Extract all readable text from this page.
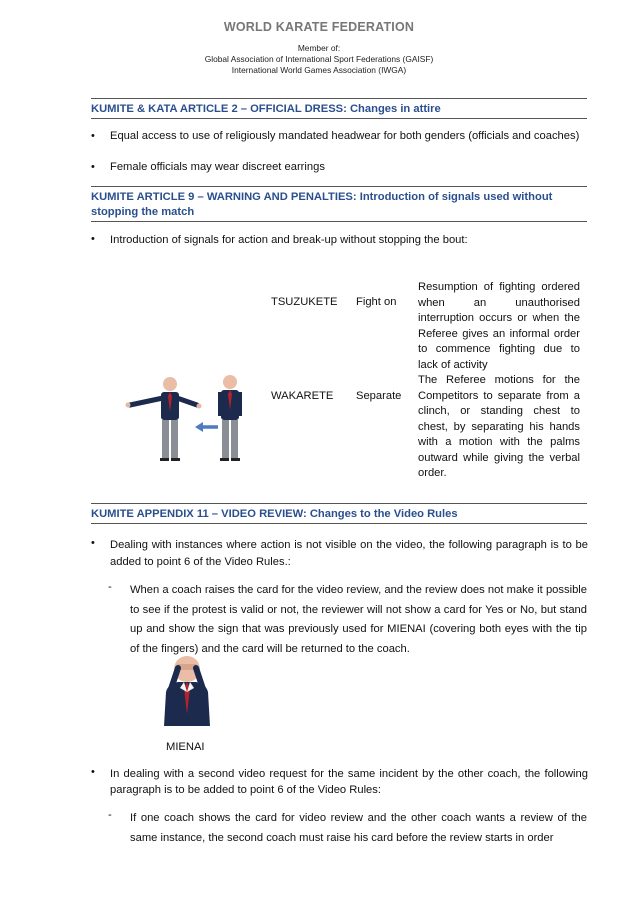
WORLD KARATE FEDERATION
Member of:
Global Association of International Sport Federations (GAISF)
International World Games Association (IWGA)
KUMITE & KATA ARTICLE 2 – OFFICIAL DRESS: Changes in attire
• Equal access to use of religiously mandated headwear for both genders (officials and coaches)
• Female officials may wear discreet earrings
KUMITE ARTICLE 9 – WARNING AND PENALTIES: Introduction of signals used without stopping the match
• Introduction of signals for action and break-up without stopping the bout:
TSUZUKETE Fight on
Resumption of fighting ordered when an unauthorised interruption occurs or when the Referee gives an informal order to commence fighting due to lack of activity
WAKARETE Separate
The Referee motions for the Competitors to separate from a clinch, or standing chest to chest, by separating his hands with a motion with the palms outward while giving the verbal order.
KUMITE APPENDIX 11 – VIDEO REVIEW: Changes to the Video Rules
• Dealing with instances where action is not visible on the video, the following paragraph is to be added to point 6 of the Video Rules.:
- When a coach raises the card for the video review, and the review does not make it possible to see if the protest is valid or not, the reviewer will not show a card for Yes or No, but stand up and show the sign that was previously used for MIENAI (covering both eyes with the tip of the fingers) and the card will be returned to the coach.
MIENAI
• In dealing with a second video request for the same incident by the other coach, the following paragraph is to be added to point 6 of the Video Rules:
- If one coach shows the card for video review and the other coach wants a review of the same instance, the second coach must raise his card before the review starts in order
